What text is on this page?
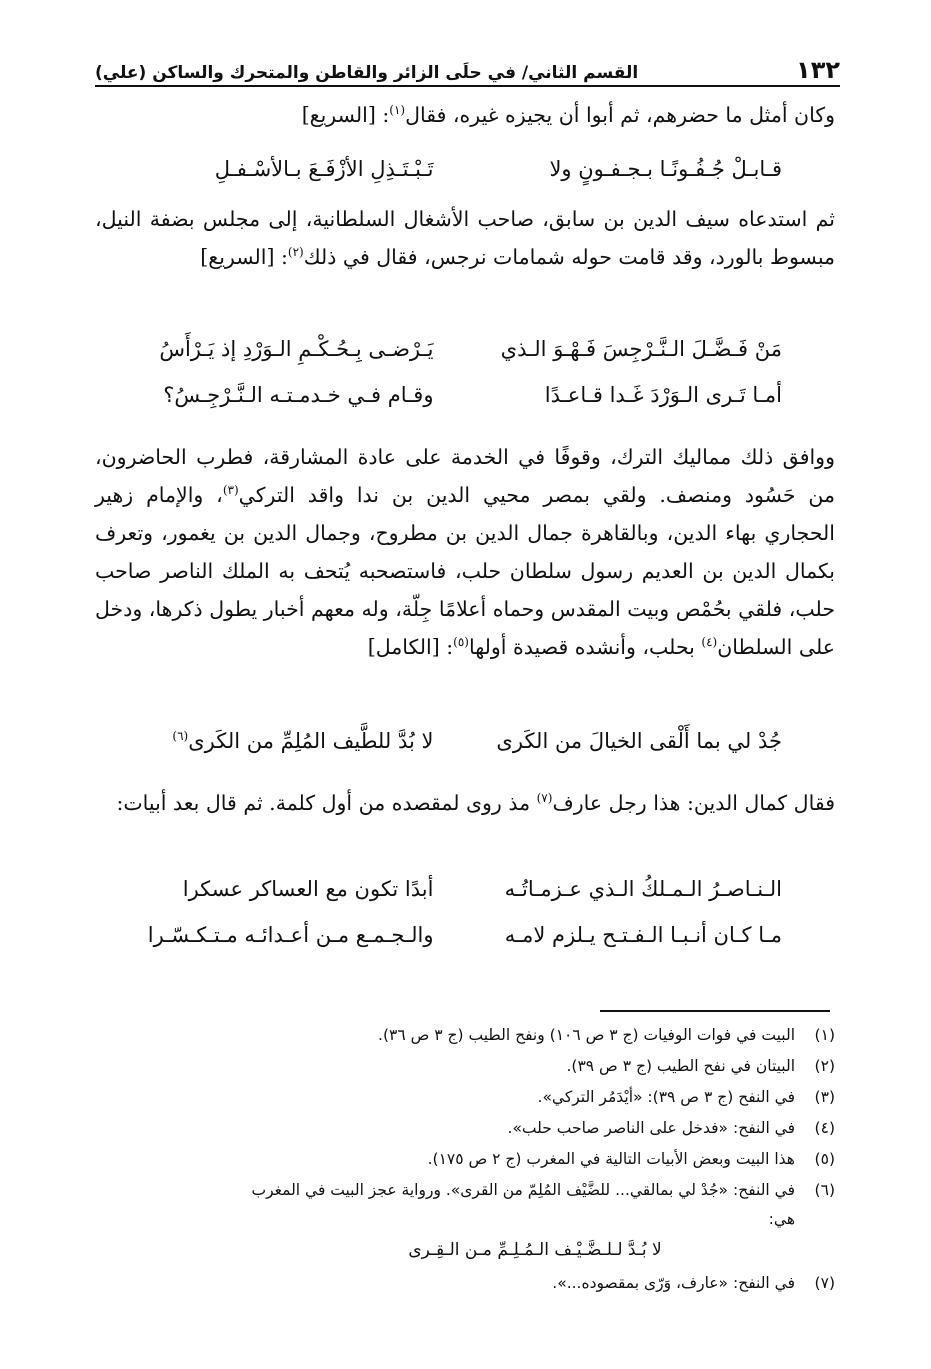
١٣٢
القسم الثاني/ في حلَى الزائر والقاطن والمتحرك والساكن (علي)
وكان أمثل ما حضرهم، ثم أبوا أن يجيزه غيره، فقال$^{(١)}$: [السريع]
قـابـلْ جُـفُـونًـا بـجـفـونٍ ولا
تَـبْـتَـذِلِ الأزْفَـعَ بـالأسْـفـلِ
ثم استدعاه سيف الدين بن سابق، صاحب الأشغال السلطانية، إلى مجلس بضفة النيل، مبسوط بالورد، وقد قامت حوله شمامات نرجس، فقال في ذلك$^{(٢)}$: [السريع]
مَنْ فَـضَّـلَ الـنَّـرْجِسَ فَـهْـوَ الـذي
يَـرْضـى بِـحُـكْـمِ الـوَرْدِ إذ يَـرْأَسُ
أمـا تَـرى الـوَرْدَ غَـدا قـاعـدًا
وقـام فـي خـدمـتـه الـنَّـرْجِـسُ؟
ووافق ذلك مماليك الترك، وقوفًا في الخدمة على عادة المشارقة، فطرب الحاضرون، من حَسُود ومنصف. ولقي بمصر محيي الدين بن ندا واقد التركي$^{(٣)}$، والإمام زهير الحجاري بهاء الدين، وبالقاهرة جمال الدين بن مطروح، وجمال الدين بن يغمور، وتعرف بكمال الدين بن العديم رسول سلطان حلب، فاستصحبه يُتحف به الملك الناصر صاحب حلب، فلقي بحُمْص وبيت المقدس وحماه أعلامًا جِلّة، وله معهم أخبار يطول ذكرها، ودخل على السلطان$^{(٤)}$ بحلب، وأنشده قصيدة أولها$^{(٥)}$: [الكامل]
جُدْ لي بما أَلْقى الخيالَ من الكَرى
لا بُدَّ للطَّيف المُلِمِّ من الكَرى$^{(٦)}$
فقال كمال الدين: هذا رجل عارف$^{(٧)}$ مذ روى لمقصده من أول كلمة. ثم قال بعد أبيات:
الـنـاصـرُ الـمـلكُ الـذي عـزمـاتُـه
أبدًا تكون مع العساكر عسكرا
مـا كـان أنـبـا الـفـتـح يـلزم لامـه
والـجـمـع مـن أعـدائـه مـتـكـسّـرا
(١)
البيت في فوات الوفيات (ج ٣ ص ١٠٦) ونفح الطيب (ج ٣ ص ٣٦).
(٢)
البيتان في نفح الطيب (ج ٣ ص ٣٩).
(٣)
في النفح (ج ٣ ص ٣٩): «أيْدَمُر التركي».
(٤)
في النفح: «فدخل على الناصر صاحب حلب».
(٥)
هذا البيت وبعض الأبيات التالية في المغرب (ج ٢ ص ١٧٥).
(٦)
في النفح: «جُدْ لي بمالقي... للضَّيْف المُلِمّ من القرى». ورواية عجز البيت في المغرب
هي:
لا بُـدَّ لـلـضَّـيْـف الـمُـلِـمِّ مـن الـقِـرى
(٧)
في النفح: «عارف، وَرّى بمقصوده...».
